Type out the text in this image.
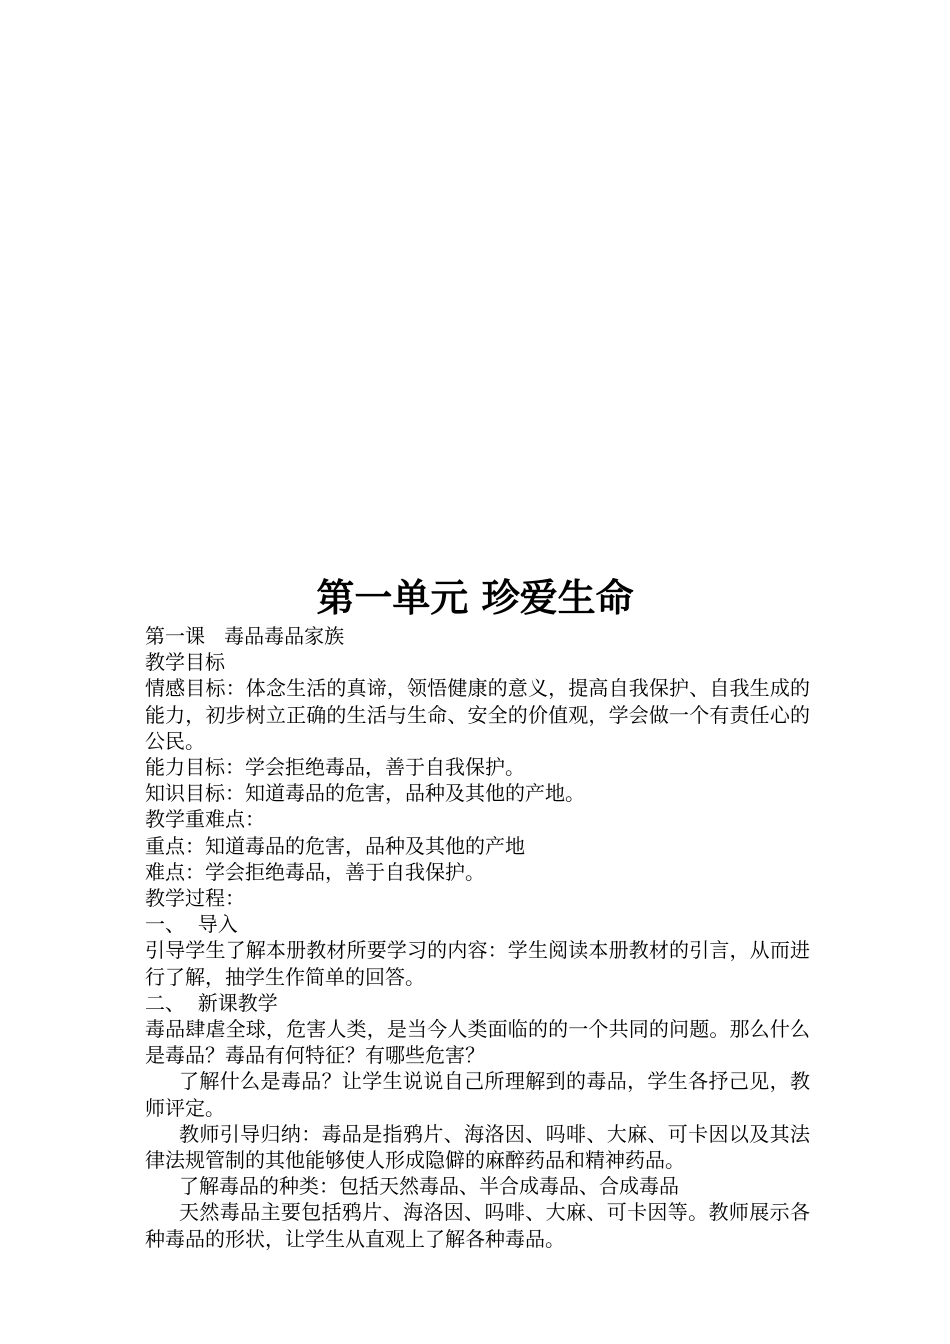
第一单元 珍爱生命

第一课   毒品毒品家族

教学目标

情感目标：体念生活的真谛，领悟健康的意义，提高自我保护、自我生成的能力，初步树立正确的生活与生命、安全的价值观，学会做一个有责任心的公民。

能力目标：学会拒绝毒品，善于自我保护。

知识目标：知道毒品的危害，品种及其他的产地。

教学重难点：

重点：知道毒品的危害，品种及其他的产地

难点：学会拒绝毒品，善于自我保护。

教学过程：

一、  导入

引导学生了解本册教材所要学习的内容：学生阅读本册教材的引言，从而进行了解，抽学生作简单的回答。

二、  新课教学

毒品肆虐全球，危害人类，是当今人类面临的的一个共同的问题。那么什么是毒品？毒品有何特征？有哪些危害？

了解什么是毒品？让学生说说自己所理解到的毒品，学生各抒己见，教师评定。

教师引导归纳：毒品是指鸦片、海洛因、吗啡、大麻、可卡因以及其法律法规管制的其他能够使人形成隐僻的麻醉药品和精神药品。

了解毒品的种类：包括天然毒品、半合成毒品、合成毒品

天然毒品主要包括鸦片、海洛因、吗啡、大麻、可卡因等。教师展示各种毒品的形状，让学生从直观上了解各种毒品。
